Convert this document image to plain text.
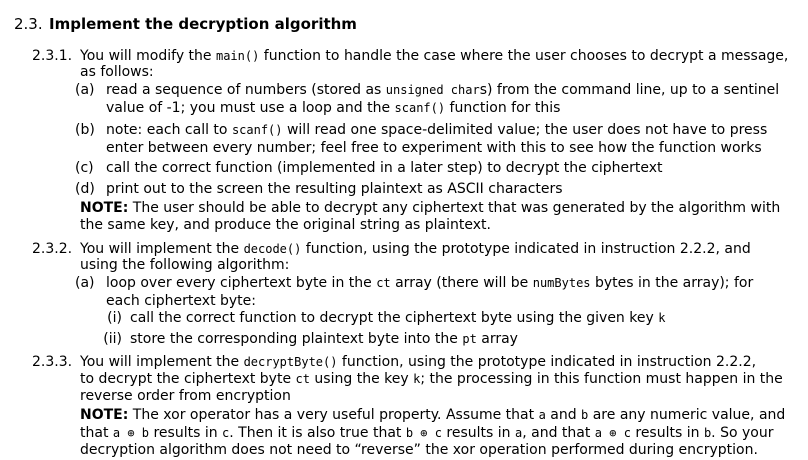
2.3. Implement the decryption algorithm
2.3.1. You will modify the main() function to handle the case where the user chooses to decrypt a message,
as follows:
(a) read a sequence of numbers (stored as unsigned chars) from the command line, up to a sentinel
value of -1; you must use a loop and the scanf() function for this
(b) note: each call to scanf() will read one space-delimited value; the user does not have to press
enter between every number; feel free to experiment with this to see how the function works
(c) call the correct function (implemented in a later step) to decrypt the ciphertext
(d) print out to the screen the resulting plaintext as ASCII characters
NOTE: The user should be able to decrypt any ciphertext that was generated by the algorithm with
the same key, and produce the original string as plaintext.
2.3.2. You will implement the decode() function, using the prototype indicated in instruction 2.2.2, and
using the following algorithm:
(a) loop over every ciphertext byte in the ct array (there will be numBytes bytes in the array); for
each ciphertext byte:
(i) call the correct function to decrypt the ciphertext byte using the given key k
(ii) store the corresponding plaintext byte into the pt array
2.3.3. You will implement the decryptByte() function, using the prototype indicated in instruction 2.2.2,
to decrypt the ciphertext byte ct using the key k; the processing in this function must happen in the
reverse order from encryption
NOTE: The xor operator has a very useful property. Assume that a and b are any numeric value, and
that a ⊕ b results in c. Then it is also true that b ⊕ c results in a, and that a ⊕ c results in b. So your
decryption algorithm does not need to “reverse” the xor operation performed during encryption.
